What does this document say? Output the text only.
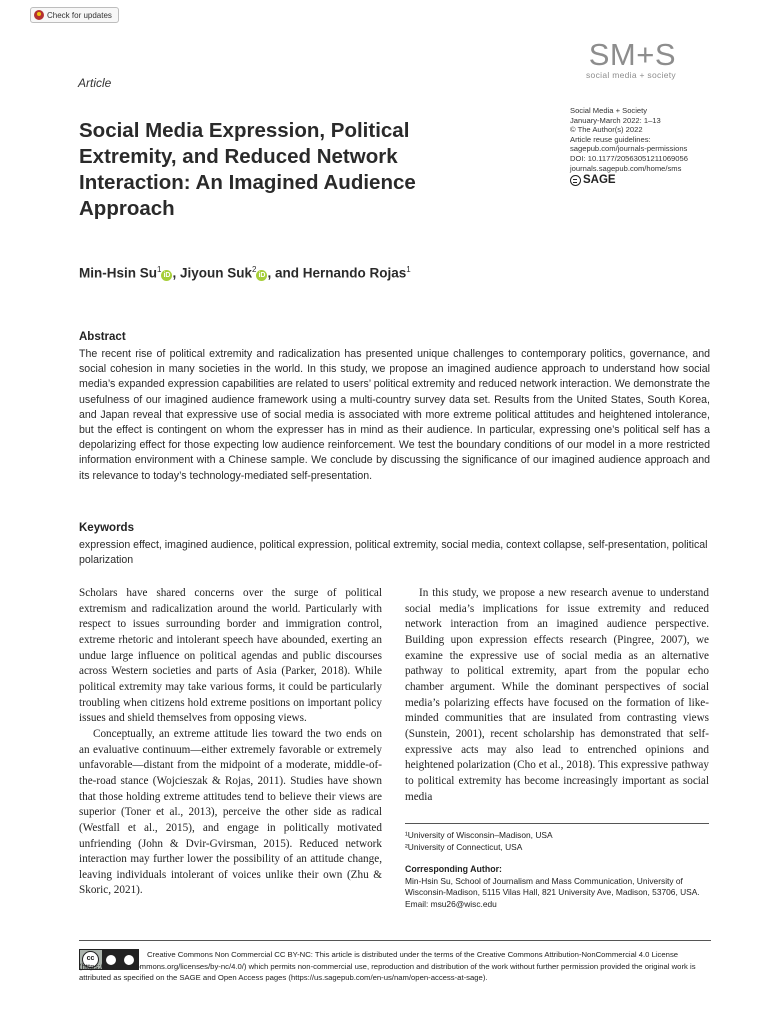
Check for updates
Article
SM+S
social media + society
Social Media + Society
January-March 2022: 1–13
© The Author(s) 2022
Article reuse guidelines:
sagepub.com/journals-permissions
DOI: 10.1177/20563051211069056
journals.sagepub.com/home/sms
SAGE
Social Media Expression, Political Extremity, and Reduced Network Interaction: An Imagined Audience Approach
Min-Hsin Su$^1$iD , Jiyoun Suk$^2$iD , and Hernando Rojas$^1$
Abstract
The recent rise of political extremity and radicalization has presented unique challenges to contemporary politics, governance, and social cohesion in many societies in the world. In this study, we propose an imagined audience approach to understand how social media’s expanded expression capabilities are related to users’ political extremity and reduced network interaction. We demonstrate the usefulness of our imagined audience framework using a multi-country survey data set. Results from the United States, South Korea, and Japan reveal that expressive use of social media is associated with more extreme political attitudes and heightened intolerance, but the effect is contingent on whom the expresser has in mind as their audience. In particular, expressing one’s political self has a depolarizing effect for those expecting low audience reinforcement. We test the boundary conditions of our model in a more restricted information environment with a Chinese sample. We conclude by discussing the significance of our imagined audience approach and its relevance to today’s technology-mediated self-presentation.
Keywords
expression effect, imagined audience, political expression, political extremity, social media, context collapse, self-presentation, political polarization

Scholars have shared concerns over the surge of political extremism and radicalization around the world. Particularly with respect to issues surrounding border and immigration control, extreme rhetoric and intolerant speech have abounded, exerting an undue large influence on political agendas and public discourses across Western societies and parts of Asia (Parker, 2018). While political extremity may take various forms, it could be particularly troubling when citizens hold extreme positions on important policy issues and shield themselves from opposing views.

Conceptually, an extreme attitude lies toward the two ends on an evaluative continuum—either extremely favorable or extremely unfavorable—distant from the midpoint of a moderate, middle-of-the-road stance (Wojcieszak & Rojas, 2011). Studies have shown that those holding extreme attitudes tend to believe their views are superior (Toner et al., 2013), perceive the other side as radical (Westfall et al., 2015), and engage in politically motivated unfriending (John & Dvir-Gvirsman, 2015). Reduced network interaction may further lower the possibility of an attitude change, leaving individuals intolerant of voices unlike their own (Zhu & Skoric, 2021).

In this study, we propose a new research avenue to understand social media’s implications for issue extremity and reduced network interaction from an imagined audience perspective. Building upon expression effects research (Pingree, 2007), we examine the expressive use of social media as an alternative pathway to political extremity, apart from the popular echo chamber argument. While the dominant perspectives of social media’s polarizing effects have focused on the formation of like-minded communities that are insulated from contrasting views (Sunstein, 2001), recent scholarship has demonstrated that self-expressive acts may also lead to entrenched opinions and heightened polarization (Cho et al., 2018). This expressive pathway to political extremity has become increasingly important as social media

¹University of Wisconsin–Madison, USA
²University of Connecticut, USA
Corresponding Author:
Min-Hsin Su, School of Journalism and Mass Communication, University of Wisconsin-Madison, 5115 Vilas Hall, 821 University Ave, Madison, 53706, USA.
Email: msu26@wisc.edu
cc	Creative Commons Non Commercial CC BY-NC: This article is distributed under the terms of the Creative Commons Attribution-NonCommercial 4.0 License (https://creativecommons.org/licenses/by-nc/4.0/) which permits non-commercial use, reproduction and distribution of the work without further permission provided the original work is attributed as specified on the SAGE and Open Access pages (https://us.sagepub.com/en-us/nam/open-access-at-sage).
